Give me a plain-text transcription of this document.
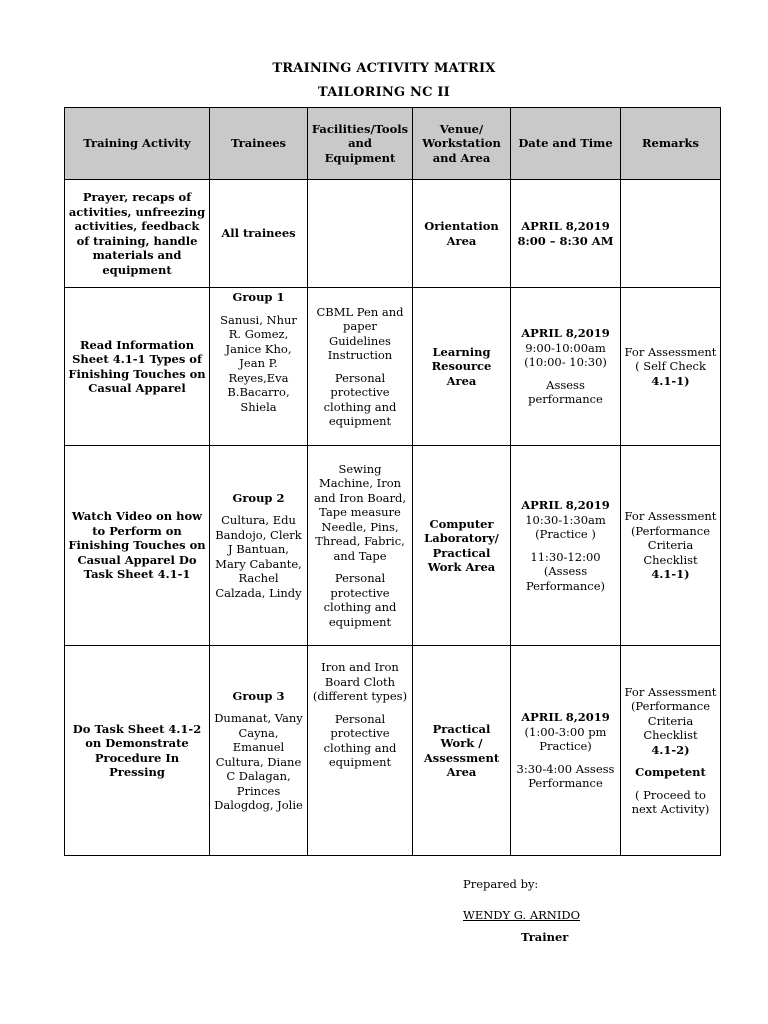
TRAINING ACTIVITY MATRIX
TAILORING NC II
Training Activity	Trainees	Facilities/Tools and Equipment	Venue/ Workstation and Area	Date and Time	Remarks
Prayer, recaps of activities, unfreezing activities, feedback of training, handle materials and equipment	All trainees		Orientation Area	APRIL 8,2019
8:00 – 8:30 AM	

Read Information Sheet 4.1-1 Types of Finishing Touches on Casual Apparel	Group 1
Sanusi, Nhur R. Gomez, Janice Kho, Jean P. Reyes,Eva B.Bacarro, Shiela	CBML Pen and paper Guidelines Instruction
Personal protective clothing and equipment	Learning Resource Area	APRIL 8,2019
9:00-10:00am (10:00- 10:30)
Assess performance	For Assessment ( Self Check
4.1-1)

Watch Video on how to Perform on Finishing Touches on Casual Apparel Do Task Sheet 4.1-1	Group 2
Cultura, Edu Bandojo, Clerk J Bantuan, Mary Cabante, Rachel Calzada, Lindy	Sewing Machine, Iron and Iron Board, Tape measure Needle, Pins, Thread, Fabric, and Tape
Personal protective clothing and equipment	Computer Laboratory/ Practical Work Area	APRIL 8,2019
10:30-1:30am (Practice )
11:30-12:00 (Assess Performance)	For Assessment (Performance Criteria Checklist
4.1-1)

Do Task Sheet 4.1-2 on Demonstrate Procedure In Pressing	Group 3
Dumanat, Vany Cayna, Emanuel Cultura, Diane C Dalagan, Princes Dalogdog, Jolie	Iron and Iron Board Cloth (different types)
Personal protective clothing and equipment	Practical Work / Assessment Area	APRIL 8,2019
(1:00-3:00 pm Practice)
3:30-4:00 Assess Performance	For Assessment (Performance Criteria Checklist
4.1-2)
Competent
( Proceed to next Activity)
Prepared by:
WENDY G. ARNIDO
Trainer
